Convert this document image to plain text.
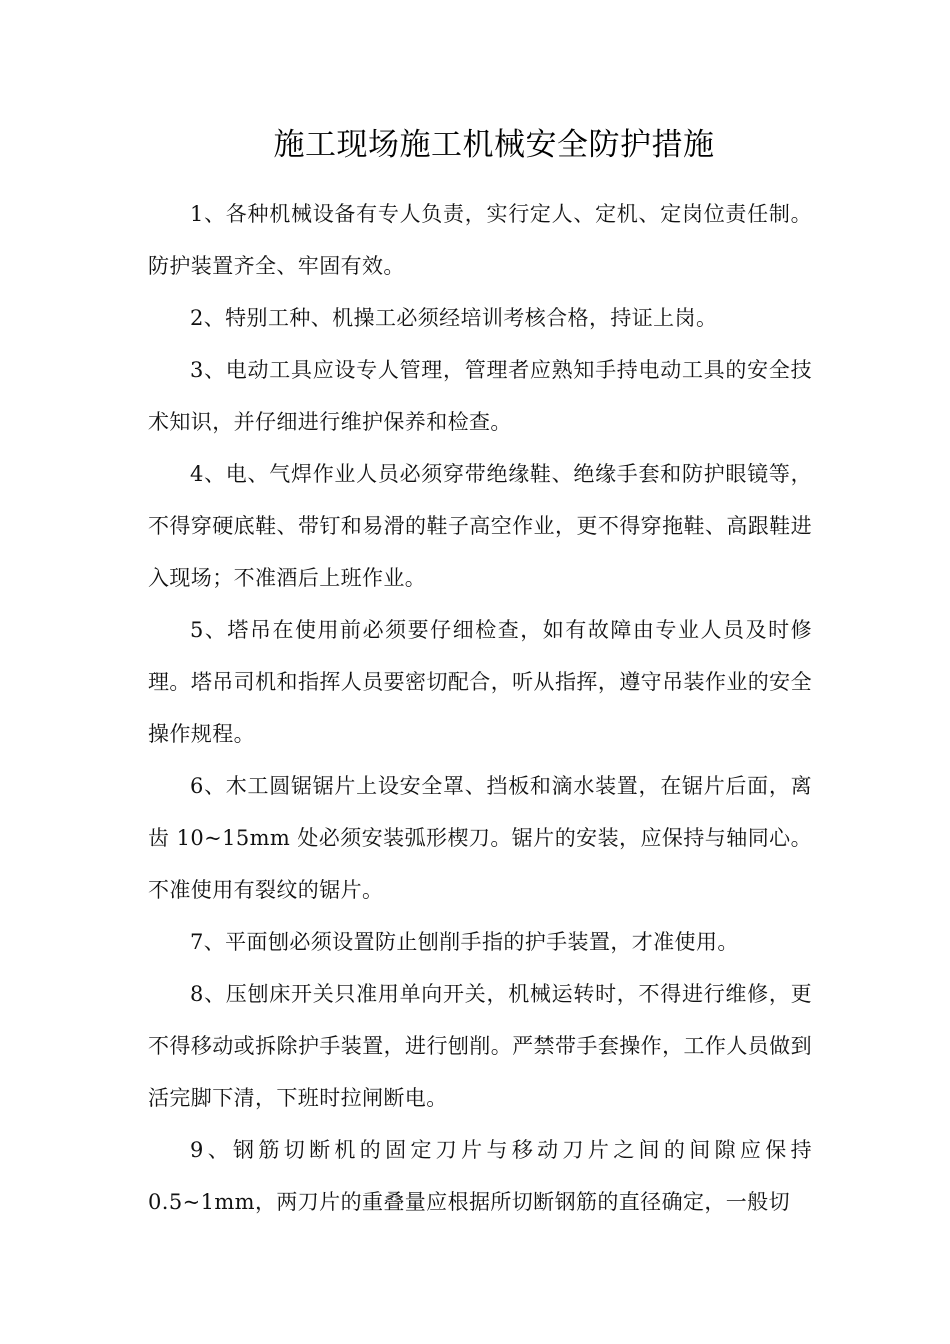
施工现场施工机械安全防护措施

1、各种机械设备有专人负责，实行定人、定机、定岗位责任制。防护装置齐全、牢固有效。

2、特别工种、机操工必须经培训考核合格，持证上岗。

3、电动工具应设专人管理，管理者应熟知手持电动工具的安全技术知识，并仔细进行维护保养和检查。

4、电、气焊作业人员必须穿带绝缘鞋、绝缘手套和防护眼镜等，不得穿硬底鞋、带钉和易滑的鞋子高空作业，更不得穿拖鞋、高跟鞋进入现场；不准酒后上班作业。

5、塔吊在使用前必须要仔细检查，如有故障由专业人员及时修理。塔吊司机和指挥人员要密切配合，听从指挥，遵守吊装作业的安全操作规程。

6、木工圆锯锯片上设安全罩、挡板和滴水装置，在锯片后面，离齿 10~15mm 处必须安装弧形楔刀。锯片的安装，应保持与轴同心。不准使用有裂纹的锯片。

7、平面刨必须设置防止刨削手指的护手装置，才准使用。

8、压刨床开关只准用单向开关，机械运转时，不得进行维修，更不得移动或拆除护手装置，进行刨削。严禁带手套操作，工作人员做到活完脚下清，下班时拉闸断电。

9、钢筋切断机的固定刀片与移动刀片之间的间隙应保持 0.5~1mm，两刀片的重叠量应根据所切断钢筋的直径确定，一般切
